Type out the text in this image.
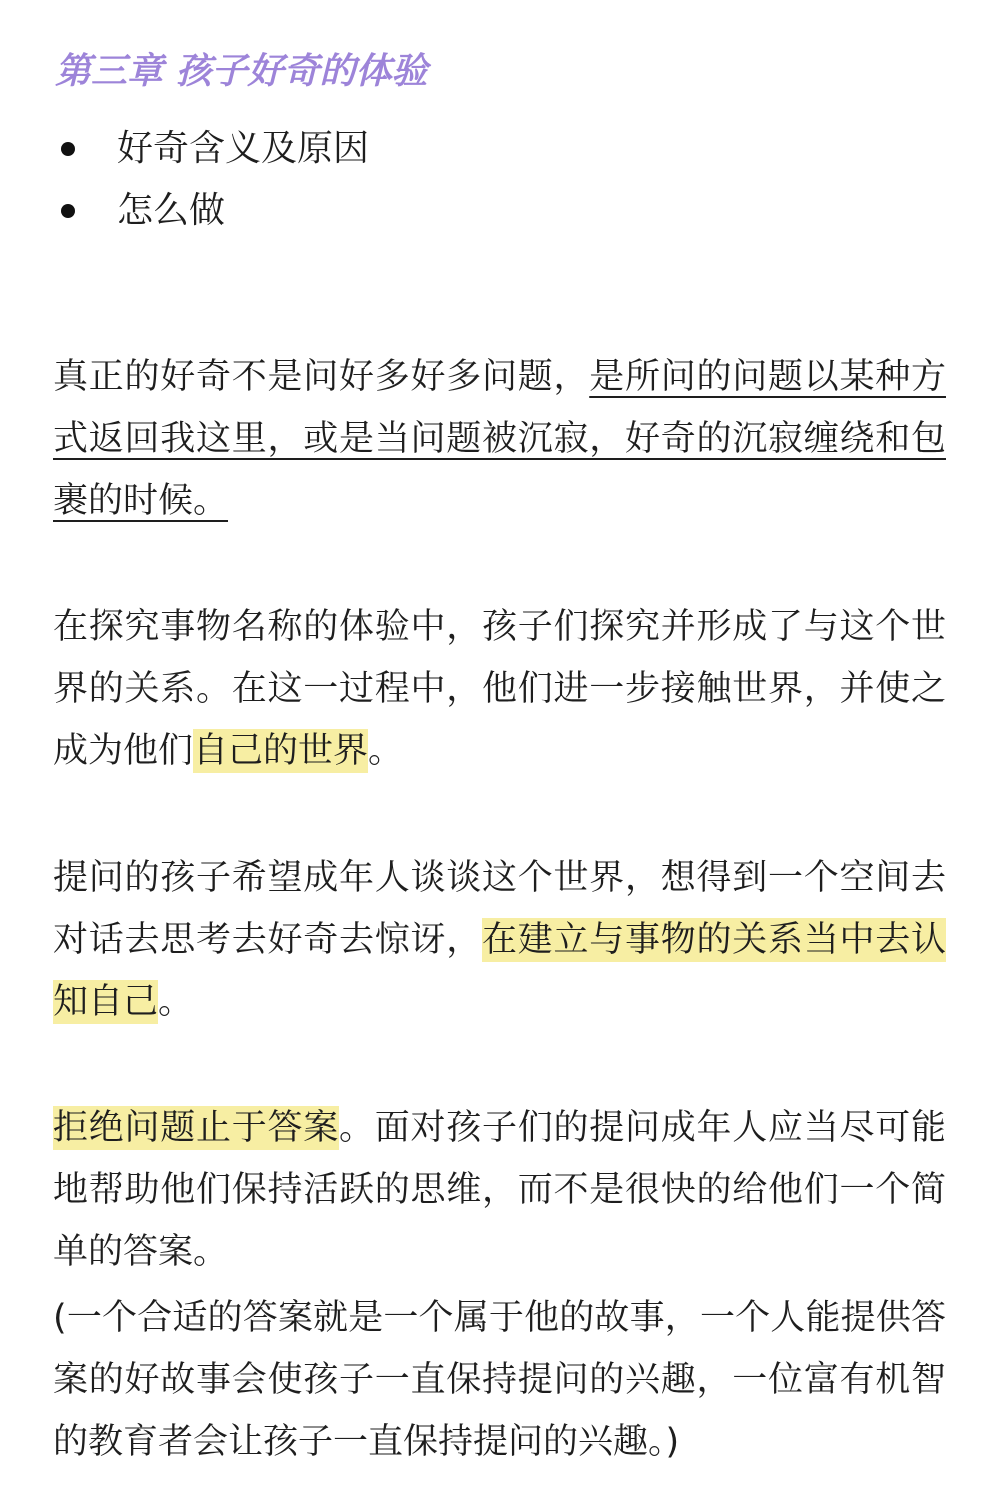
第三章 孩子好奇的体验
好奇含义及原因
怎么做

真正的好奇不是问好多好多问题，是所问的问题以某种方式返回我这里，或是当问题被沉寂，好奇的沉寂缠绕和包裹的时候。

在探究事物名称的体验中，孩子们探究并形成了与这个世界的关系。在这一过程中，他们进一步接触世界，并使之成为他们自己的世界。

提问的孩子希望成年人谈谈这个世界，想得到一个空间去对话去思考去好奇去惊讶，在建立与事物的关系当中去认知自己。

拒绝问题止于答案。面对孩子们的提问成年人应当尽可能地帮助他们保持活跃的思维，而不是很快的给他们一个简单的答案。

(一个合适的答案就是一个属于他的故事，一个人能提供答案的好故事会使孩子一直保持提问的兴趣，一位富有机智的教育者会让孩子一直保持提问的兴趣。)
